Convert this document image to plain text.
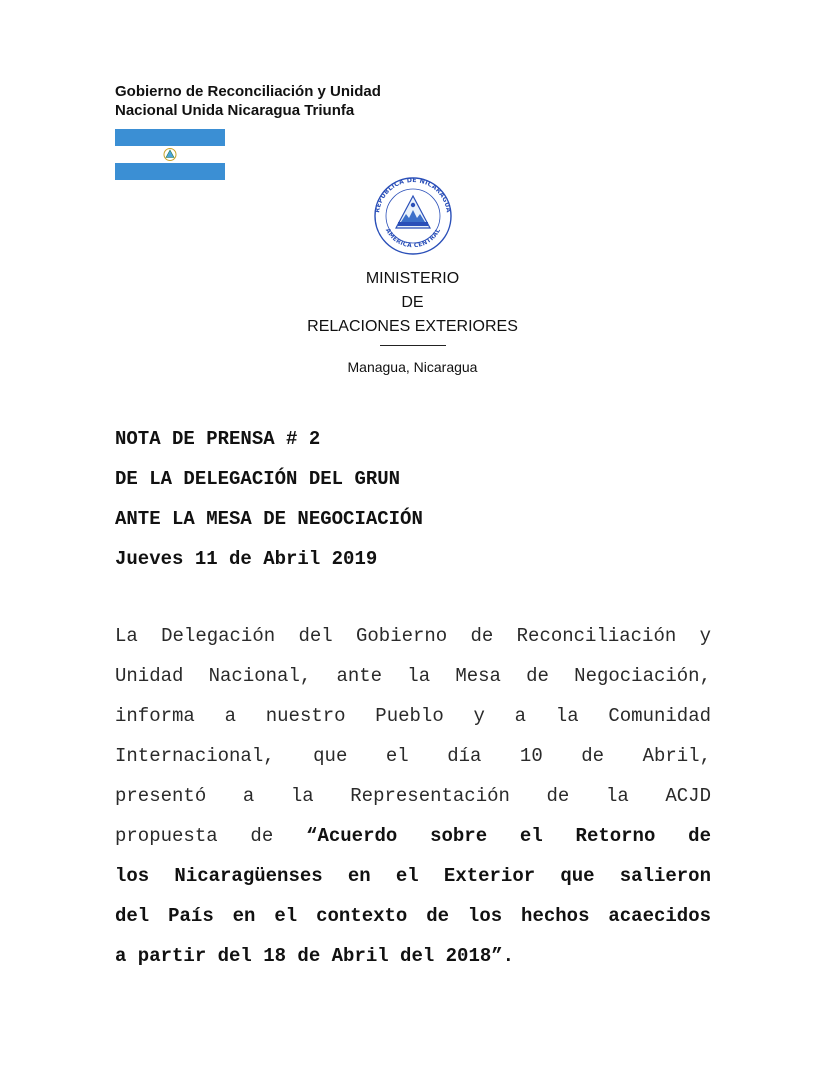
Gobierno de Reconciliación y Unidad
Nacional Unida Nicaragua Triunfa
REPUBLICA DE NICARAGUA
AMERICA CENTRAL
MINISTERIO
DE
RELACIONES EXTERIORES
Managua, Nicaragua
NOTA DE PRENSA # 2
DE LA DELEGACIÓN DEL GRUN
ANTE LA MESA DE NEGOCIACIÓN
Jueves 11 de Abril 2019
La Delegación del Gobierno de Reconciliación y
Unidad Nacional, ante la Mesa de Negociación,
informa a nuestro Pueblo y a la Comunidad
Internacional, que el día 10 de Abril,
presentó a la Representación de la ACJD
propuesta de “Acuerdo sobre el Retorno de
los Nicaragüenses en el Exterior que salieron
del País en el contexto de los hechos acaecidos
a partir del 18 de Abril del 2018”.
